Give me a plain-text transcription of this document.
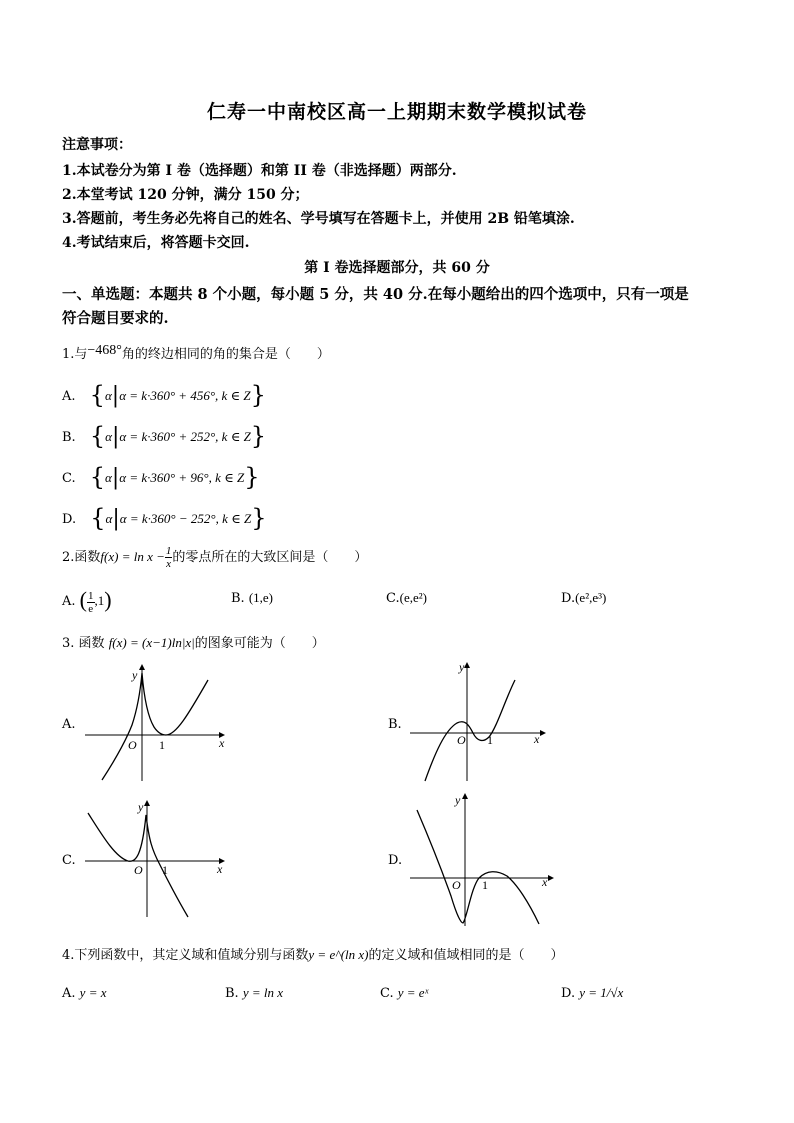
仁寿一中南校区高一上期期末数学模拟试卷
注意事项：
1.本试卷分为第 I 卷（选择题）和第 II 卷（非选择题）两部分.
2.本堂考试 120 分钟，满分 150 分；
3.答题前，考生务必先将自己的姓名、学号填写在答题卡上，并使用 2B 铅笔填涂.
4.考试结束后，将答题卡交回.
第 I 卷选择题部分，共 60 分
一、单选题：本题共 8 个小题，每小题 5 分，共 40 分.在每小题给出的四个选项中，只有一项是
符合题目要求的.
1.与−468°角的终边相同的角的集合是（　　）
A. {α|α = k·360° + 456°, k ∈ Z}
B. {α|α = k·360° + 252°, k ∈ Z}
C. {α|α = k·360° + 96°, k ∈ Z}
D. {α|α = k·360° − 252°, k ∈ Z}
2.函数$f(x) = \ln x - \frac{1}{x}$ 的零点所在的大致区间是（　　）
A. ( $\frac{1}{e} ,1$)	B. (1,e)	C.(e,e²)	D.(e²,e³)
3. 函数 f(x) = (x−1)ln|x|的图象可能为（　　）
A.	B.
C.	D.
y
x
O 1
y
x
O 1
y
x
O 1
y
x
O 1
4.下列函数中，其定义域和值域分别与函数y = e^(ln x)的定义域和值域相同的是（　　）
A. y = x	B. y = ln x	C. y = eˣ	D. y = 1/√x
